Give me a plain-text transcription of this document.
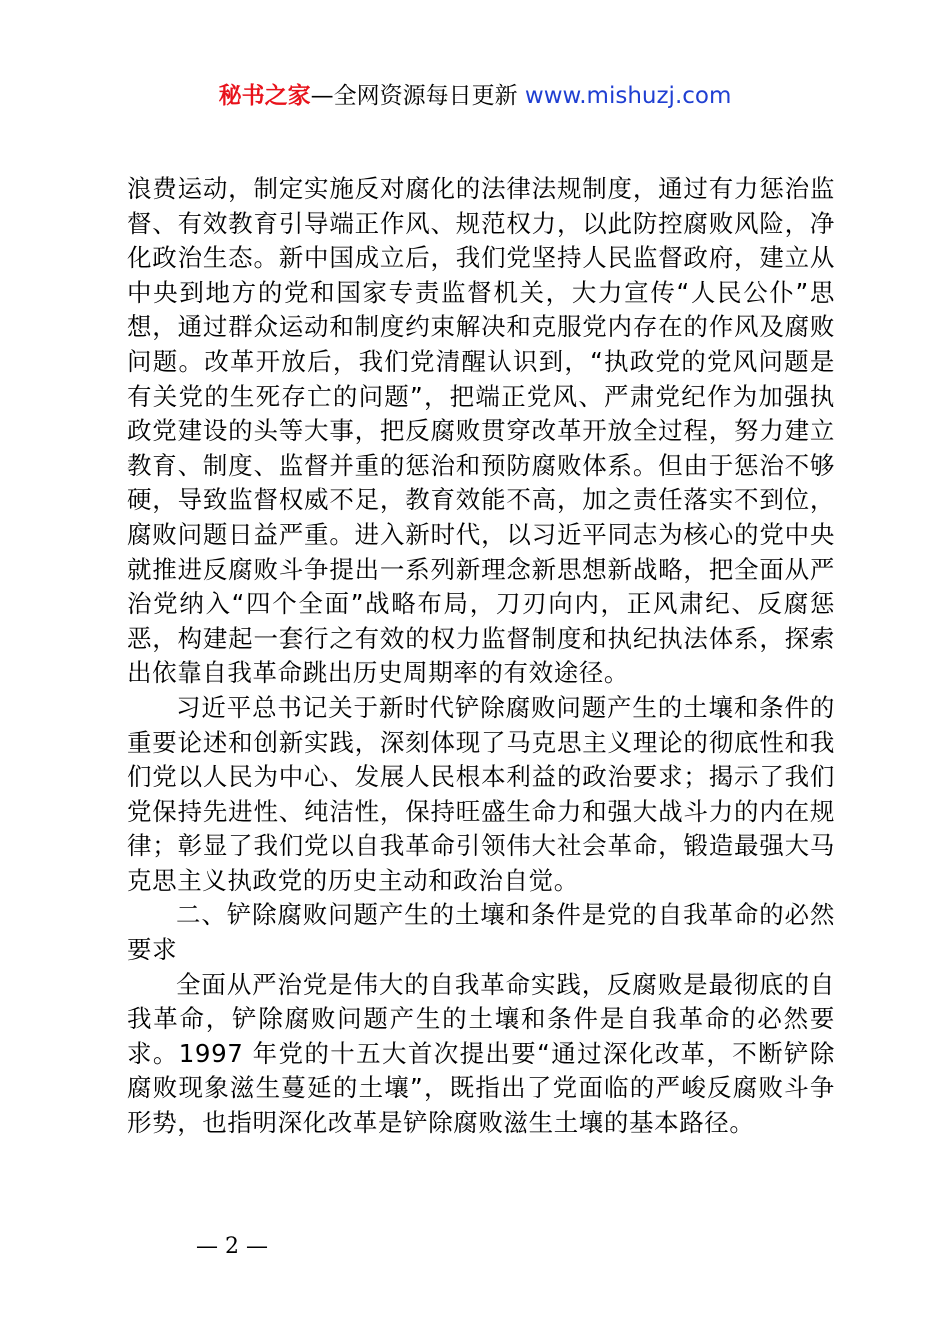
秘书之家—全网资源每日更新 www.mishuzj.com

浪费运动，制定实施反对腐化的法律法规制度，通过有力惩治监督、有效教育引导端正作风、规范权力，以此防控腐败风险，净化政治生态。新中国成立后，我们党坚持人民监督政府，建立从中央到地方的党和国家专责监督机关，大力宣传“人民公仆”思想，通过群众运动和制度约束解决和克服党内存在的作风及腐败问题。改革开放后，我们党清醒认识到，“执政党的党风问题是有关党的生死存亡的问题”，把端正党风、严肃党纪作为加强执政党建设的头等大事，把反腐败贯穿改革开放全过程，努力建立教育、制度、监督并重的惩治和预防腐败体系。但由于惩治不够硬，导致监督权威不足，教育效能不高，加之责任落实不到位，腐败问题日益严重。进入新时代，以习近平同志为核心的党中央就推进反腐败斗争提出一系列新理念新思想新战略，把全面从严治党纳入“四个全面”战略布局，刀刃向内，正风肃纪、反腐惩恶，构建起一套行之有效的权力监督制度和执纪执法体系，探索出依靠自我革命跳出历史周期率的有效途径。

习近平总书记关于新时代铲除腐败问题产生的土壤和条件的重要论述和创新实践，深刻体现了马克思主义理论的彻底性和我们党以人民为中心、发展人民根本利益的政治要求；揭示了我们党保持先进性、纯洁性，保持旺盛生命力和强大战斗力的内在规律；彰显了我们党以自我革命引领伟大社会革命，锻造最强大马克思主义执政党的历史主动和政治自觉。

二、铲除腐败问题产生的土壤和条件是党的自我革命的必然要求

全面从严治党是伟大的自我革命实践，反腐败是最彻底的自我革命，铲除腐败问题产生的土壤和条件是自我革命的必然要求。1997 年党的十五大首次提出要“通过深化改革，不断铲除腐败现象滋生蔓延的土壤”，既指出了党面临的严峻反腐败斗争形势，也指明深化改革是铲除腐败滋生土壤的基本路径。

— 2 —
